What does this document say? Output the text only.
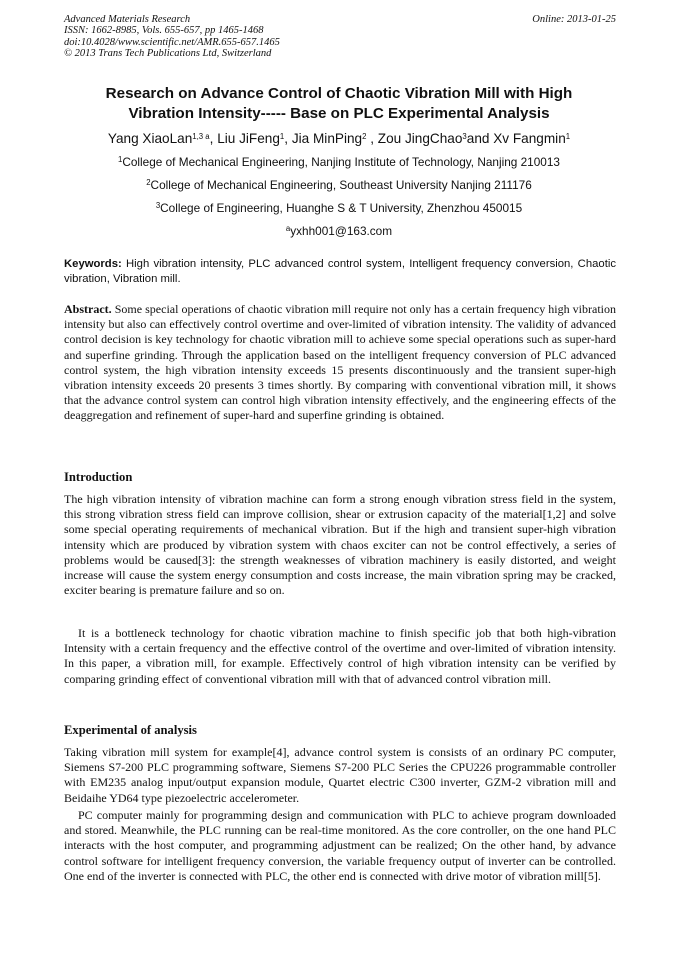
Advanced Materials Research
ISSN: 1662-8985, Vols. 655-657, pp 1465-1468
doi:10.4028/www.scientific.net/AMR.655-657.1465
© 2013 Trans Tech Publications Ltd, Switzerland
Online: 2013-01-25
Research on Advance Control of Chaotic Vibration Mill with High
Vibration Intensity----- Base on PLC Experimental Analysis
Yang XiaoLan$^{1,3 a}$, Liu JiFeng$^1$, Jia MinPing$^2$ , Zou JingChao$^3$and Xv Fangmin$^1$
$^1$College of Mechanical Engineering, Nanjing Institute of Technology, Nanjing 210013
$^2$College of Mechanical Engineering, Southeast University Nanjing 211176
$^3$College of Engineering, Huanghe S & T University, Zhenzhou 450015
$^a$yxhh001@163.com
Keywords: High vibration intensity, PLC advanced control system, Intelligent frequency conversion, Chaotic vibration, Vibration mill.
Abstract. Some special operations of chaotic vibration mill require not only has a certain frequency high vibration intensity but also can effectively control overtime and over-limited of vibration intensity. The validity of advanced control decision is key technology for chaotic vibration mill to achieve some special operations such as super-hard and superfine grinding. Through the application based on the intelligent frequency conversion of PLC advanced control system, the high vibration intensity exceeds 15 presents discontinuously and the transient super-high vibration intensity exceeds 20 presents 3 times shortly. By comparing with conventional vibration mill, it shows that the advance control system can control high vibration intensity effectively, and the engineering effects of the deaggregation and refinement of super-hard and superfine grinding is obtained.
Introduction

The high vibration intensity of vibration machine can form a strong enough vibration stress field in the system, this strong vibration stress field can improve collision, shear or extrusion capacity of the material[1,2] and solve some special operating requirements of mechanical vibration. But if the high and transient super-high vibration intensity which are produced by vibration system with chaos exciter can not be control effectively, a series of problems would be caused[3]: the strength weaknesses of vibration machinery is easily distorted, and weight increase will cause the system energy consumption and costs increase, the main vibration spring may be cracked, exciter bearing is premature failure and so on.

It is a bottleneck technology for chaotic vibration machine to finish specific job that both high-vibration Intensity with a certain frequency and the effective control of the overtime and over-limited of vibration intensity. In this paper, a vibration mill, for example. Effectively control of high vibration intensity can be verified by comparing grinding effect of conventional vibration mill with that of advanced control vibration mill.

Experimental of analysis

Taking vibration mill system for example[4], advance control system is consists of an ordinary PC computer, Siemens S7-200 PLC programming software, Siemens S7-200 PLC Series the CPU226 programmable controller with EM235 analog input/output expansion module, Quartet electric C300 inverter, GZM-2 vibration mill and Beidaihe YD64 type piezoelectric accelerometer.

PC computer mainly for programming design and communication with PLC to achieve program downloaded and stored. Meanwhile, the PLC running can be real-time monitored. As the core controller, on the one hand PLC interacts with the host computer, and programming adjustment can be realized; On the other hand, by advance control software for intelligent frequency conversion, the variable frequency output of inverter can be controlled. One end of the inverter is connected with PLC, the other end is connected with drive motor of vibration mill[5].
